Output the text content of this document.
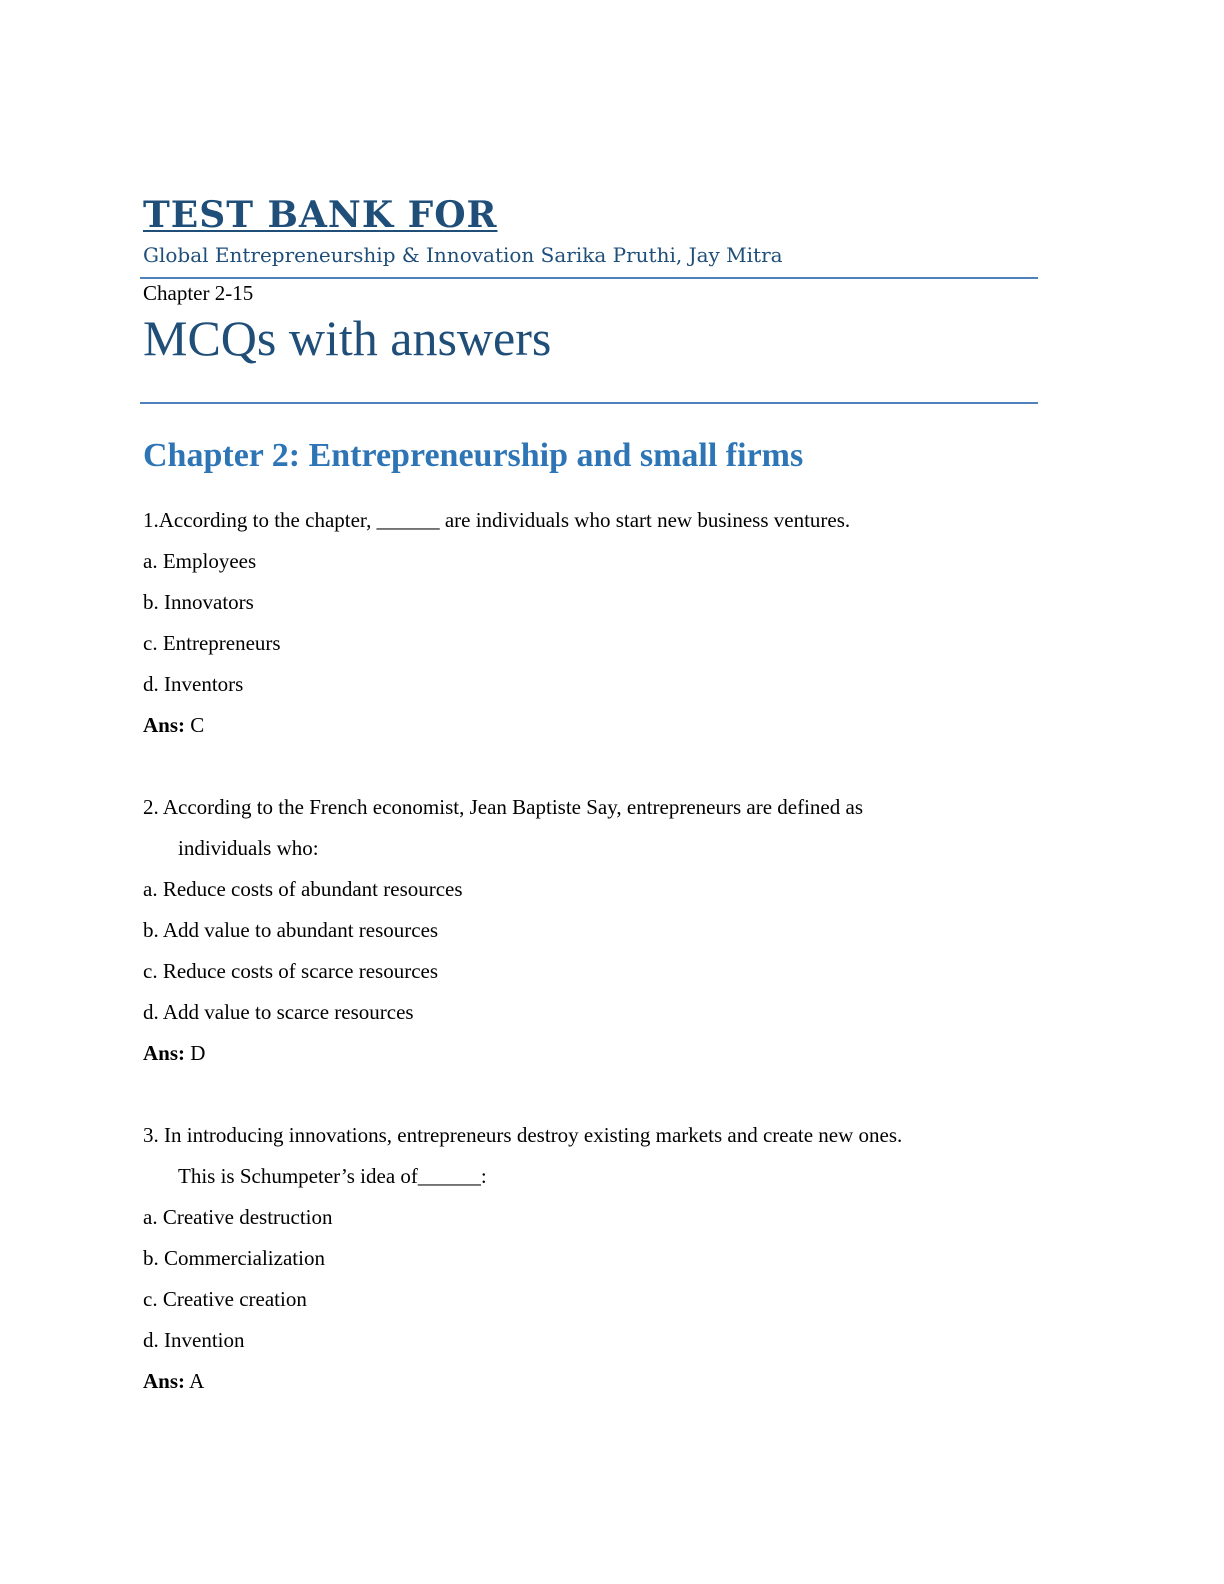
TEST BANK FOR
Global Entrepreneurship & Innovation Sarika Pruthi, Jay Mitra
Chapter 2-15
MCQs with answers
Chapter 2: Entrepreneurship and small firms
1.According to the chapter, ______ are individuals who start new business ventures.
a. Employees
b. Innovators
c. Entrepreneurs
d. Inventors
Ans: C
2. According to the French economist, Jean Baptiste Say, entrepreneurs are defined as
individuals who:
a. Reduce costs of abundant resources
b. Add value to abundant resources
c. Reduce costs of scarce resources
d. Add value to scarce resources
Ans: D
3. In introducing innovations, entrepreneurs destroy existing markets and create new ones.
This is Schumpeter’s idea of______:
a. Creative destruction
b. Commercialization
c. Creative creation
d. Invention
Ans: A
